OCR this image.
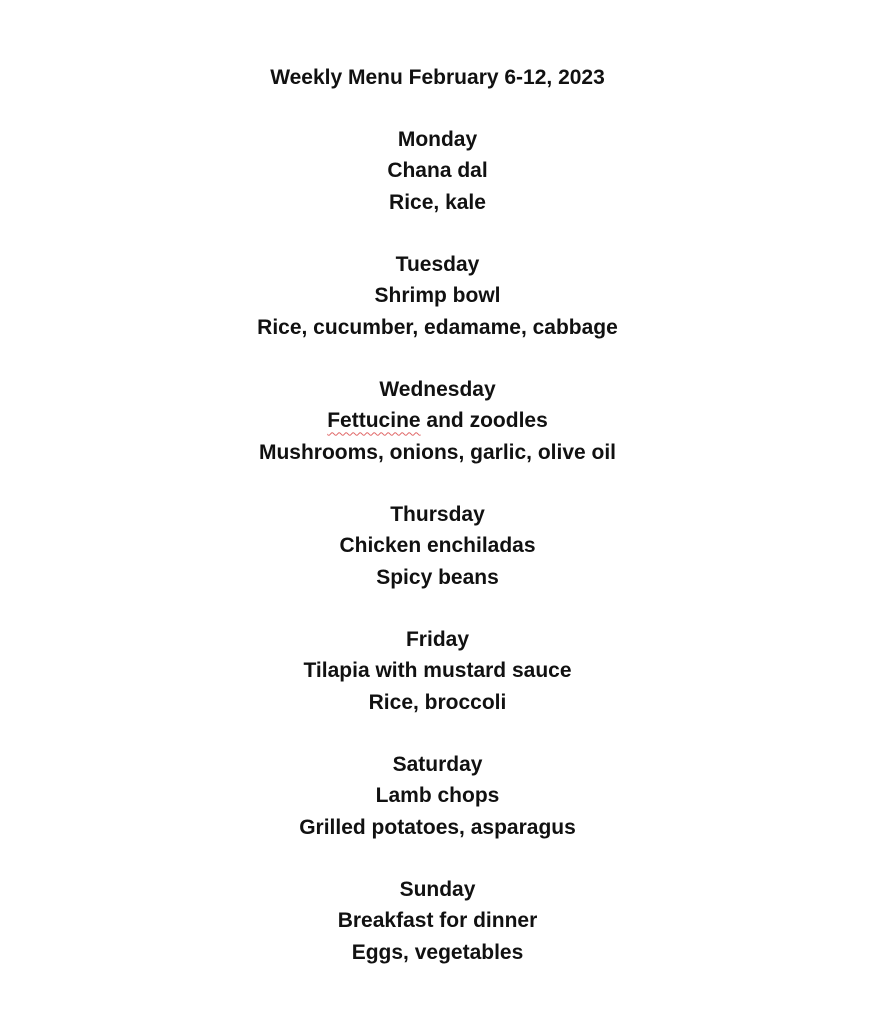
Weekly Menu February 6-12, 2023
Monday
Chana dal
Rice, kale
Tuesday
Shrimp bowl
Rice, cucumber, edamame, cabbage
Wednesday
Fettucine and zoodles
Mushrooms, onions, garlic, olive oil
Thursday
Chicken enchiladas
Spicy beans
Friday
Tilapia with mustard sauce
Rice, broccoli
Saturday
Lamb chops
Grilled potatoes, asparagus
Sunday
Breakfast for dinner
Eggs, vegetables
